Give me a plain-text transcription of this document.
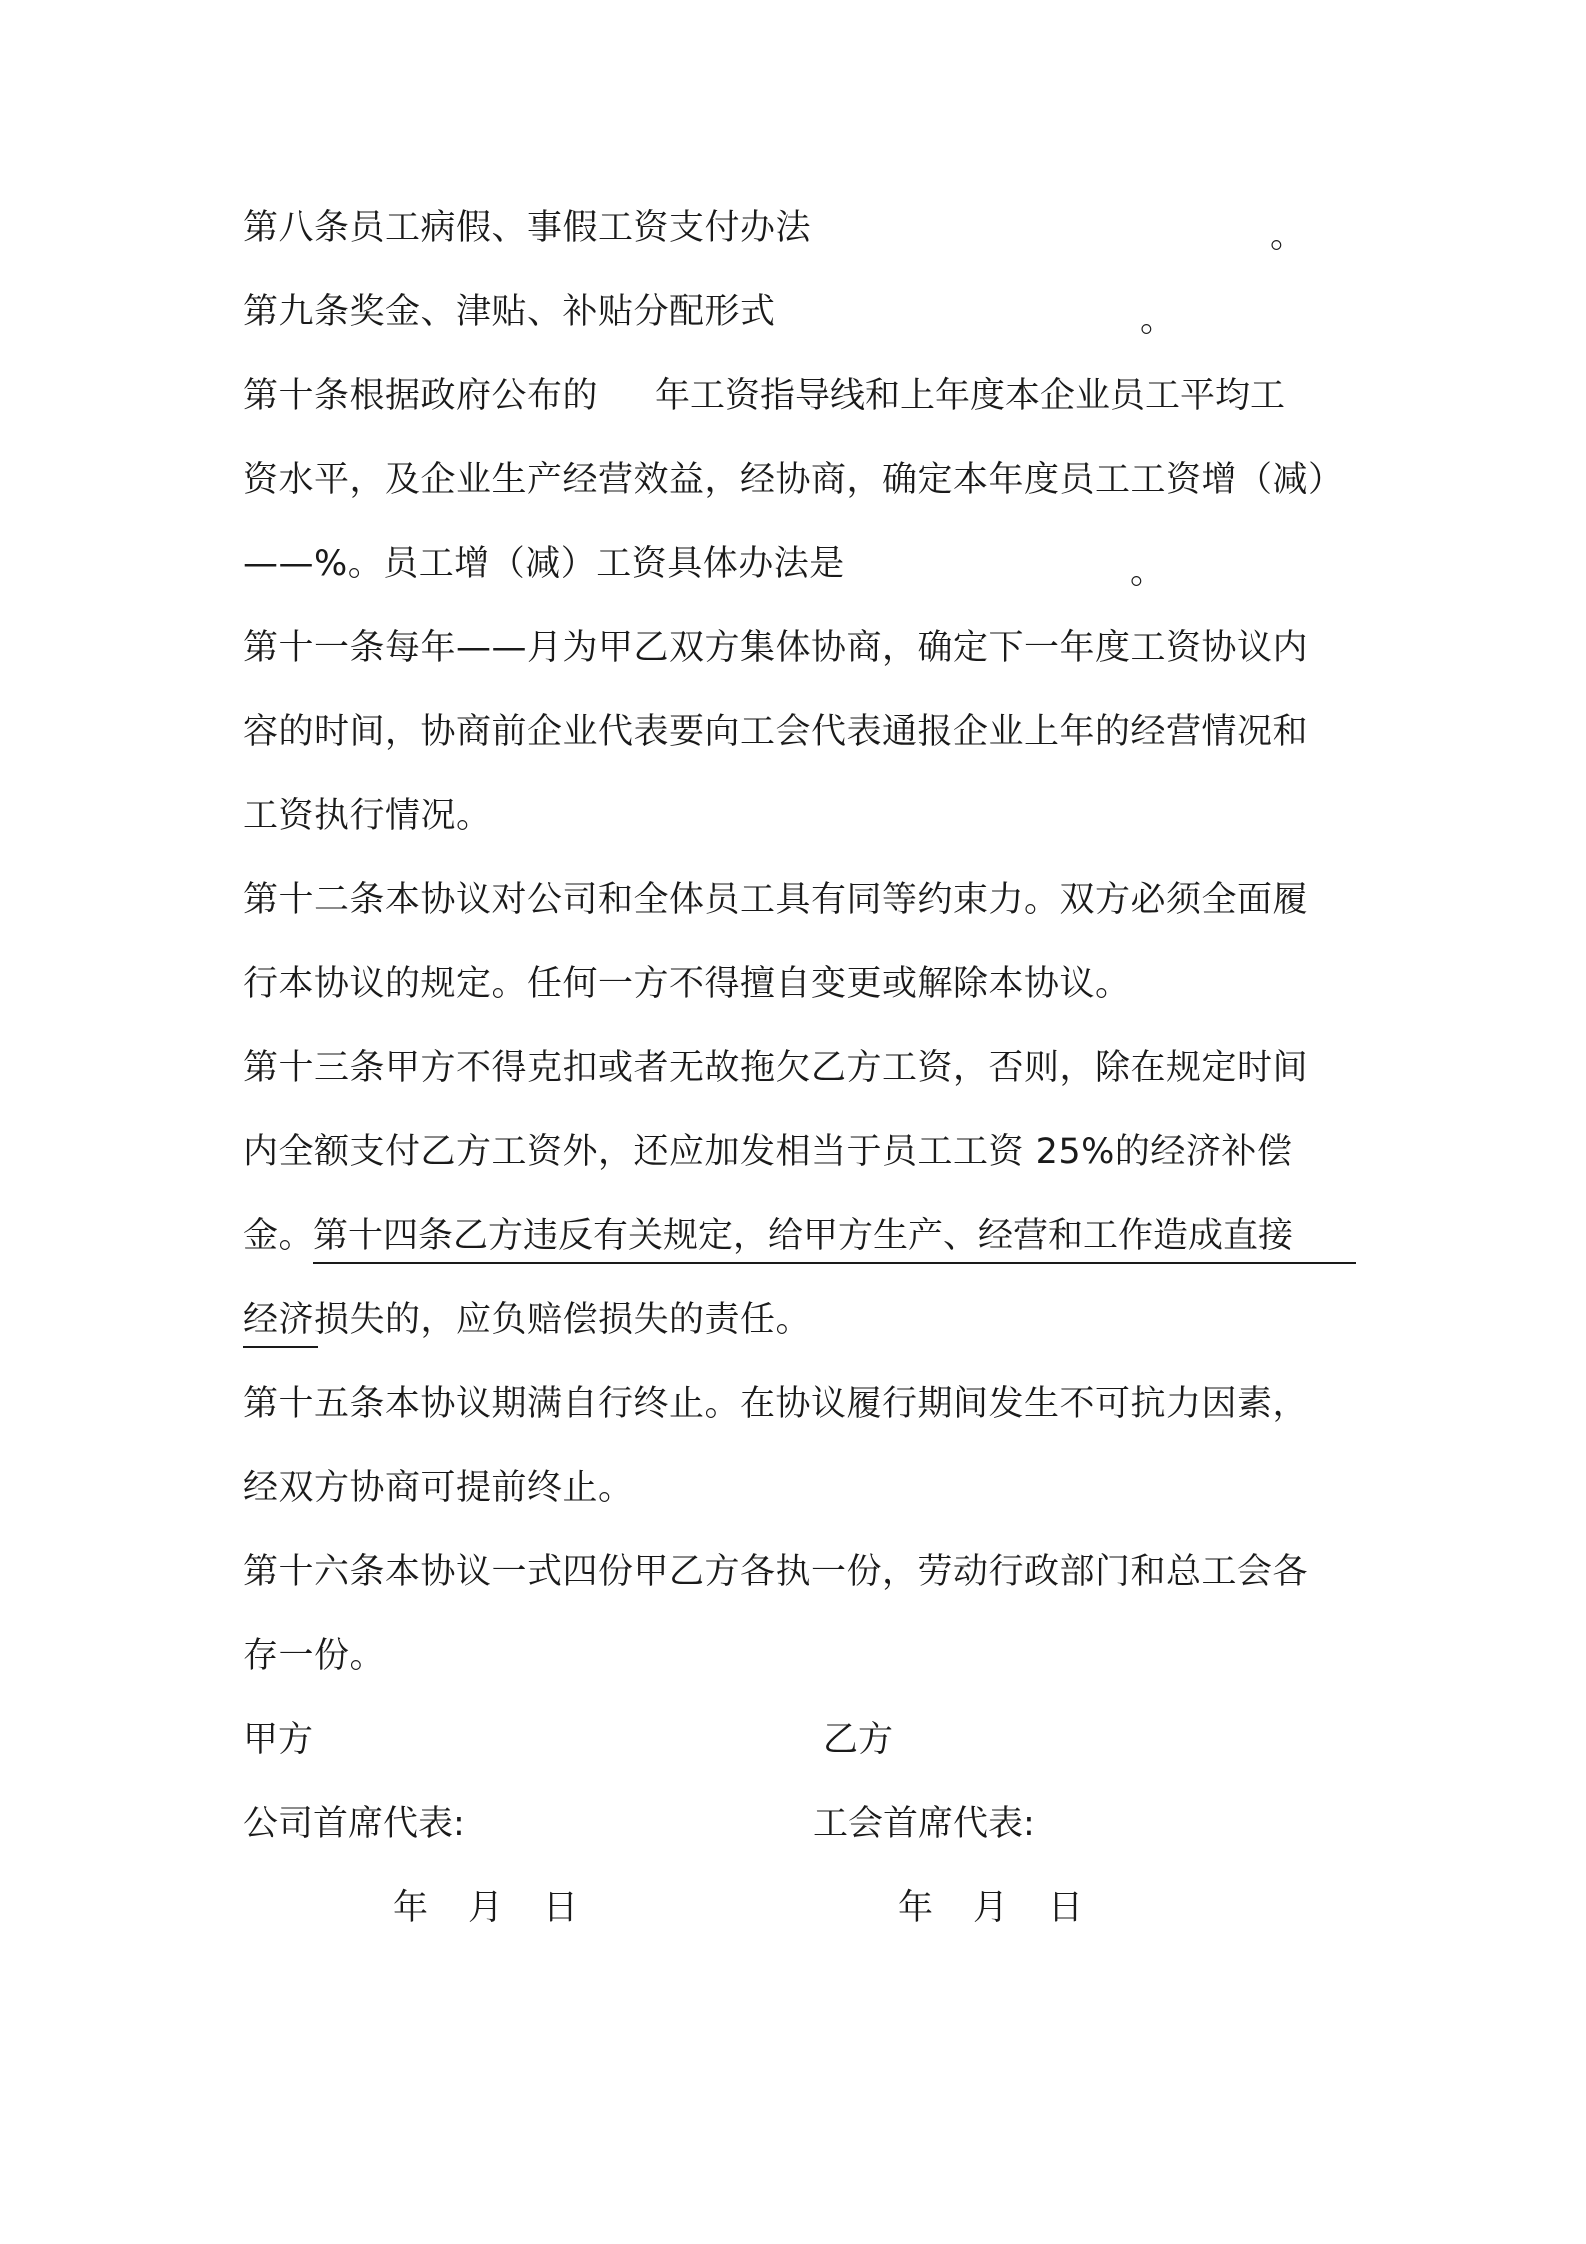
第八条员工病假、事假工资支付办法	。
第九条奖金、津贴、补贴分配形式	。
第十条根据政府公布的 年工资指导线和上年度本企业员工平均工
资水平，及企业生产经营效益，经协商，确定本年度员工工资增（减）
——%。员工增（减）工资具体办法是	。
第十一条每年——月为甲乙双方集体协商，确定下一年度工资协议内
容的时间，协商前企业代表要向工会代表通报企业上年的经营情况和
工资执行情况。
第十二条本协议对公司和全体员工具有同等约束力。双方必须全面履
行本协议的规定。任何一方不得擅自变更或解除本协议。
第十三条甲方不得克扣或者无故拖欠乙方工资，否则，除在规定时间
内全额支付乙方工资外，还应加发相当于员工工资 25%的经济补偿
金。
第十四条乙方违反有关规定，给甲方生产、经营和工作造成直接
经济损失的，应负赔偿损失的责任。
第十五条本协议期满自行终止。在协议履行期间发生不可抗力因素，
经双方协商可提前终止。
第十六条本协议一式四份甲乙方各执一份，劳动行政部门和总工会各
存一份。
甲方	乙方
公司首席代表:	工会首席代表:
年 月 日	年 月 日
